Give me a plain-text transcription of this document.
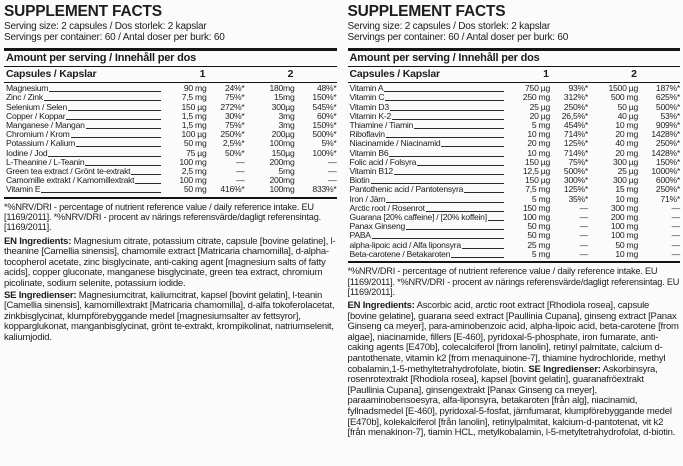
SUPPLEMENT FACTS
Serving size: 2 capsules / Dos storlek: 2 kapslar
Servings per container: 60 / Antal doser per burk: 60
Amount per serving / Innehåll per dos
Capsules / Kapslar	1	2
Magnesium	90 mg	24%*	180mg	48%*
Zinc / Zink	7,5 mg	75%*	15mg	150%*
Selenium / Selen	150 µg	272%*	300µg	545%*
Copper / Koppar	1,5 mg	30%*	3mg	60%*
Manganese / Mangan	1,5 mg	75%*	3mg	150%*
Chromium / Krom	100 µg	250%*	200µg	500%*
Potassium / Kalium	50 mg	2,5%*	100mg	5%*
Iodine / Jod	75 µg	50%*	150µg	100%*
L-Theanine / L-Teanin	100 mg	—	200mg	—
Green tea extract / Grönt te-extrakt	2,5 mg	—	5mg	—
Camomille extrakt / Kamomillextrakt	100 mg	—	200mg	—
Vitamin E	50 mg	416%*	100mg	833%*
*%NRV/DRI - percentage of nutrient reference value / daily reference intake. EU [1169/2011]. *%NRV/DRI - procent av närings referensvärde/dagligt referensintag. [1169/2011].

EN Ingredients: Magnesium citrate, potassium citrate, capsule [bovine gelatine], l-theanine [Camellia sinensis], chamomile extract [Matricaria chamomilla], d-alpha-tocopherol acetate, zinc bisglycinate, anti-caking agent [magnesium salts of fatty acids], copper gluconate, manganese bisglycinate, green tea extract, chromium picolinate, sodium selenite, potassium iodide.

SE Ingredienser: Magnesiumcitrat, kaliumcitrat, kapsel [bovint gelatin], l-teanin [Camellia sinensis], kamomillextrakt [Matricaria chamomilla], d-alfa tokoferolacetat, zinkbisglycinat, klumpförebyggande medel [magnesiumsalter av fettsyror], kopparglukonat, manganbisglycinat, grönt te-extrakt, krompikolinat, natriumselenit, kaliumjodid.

SUPPLEMENT FACTS
Serving size: 2 capsules / Dos storlek: 2 kapslar
Servings per container: 60 / Antal doser per burk: 60
Amount per serving / Innehåll per dos
Capsules / Kapslar	1	2
Vitamin A	750 µg	93%*	1500 µg	187%*
Vitamin C	250 mg	312%*	500 mg	625%*
Vitamin D3	25 µg	250%*	50 µg	500%*
Vitamin K-2	20 µg	26,5%*	40 µg	53%*
Thiamine / Tiamin	5 mg	454%*	10 mg	909%*
Riboflavin	10 mg	714%*	20 mg	1428%*
Niacinamide / Niacinamid	20 mg	125%*	40 mg	250%*
Vitamin B6	10 mg	714%*	20 mg	1428%*
Folic acid / Folsyra	150 µg	75%*	300 µg	150%*
Vitamin B12	12,5 µg	500%*	25 µg	1000%*
Biotin	150 µg	300%*	300 µg	600%*
Pantothenic acid / Pantotensyra	7,5 mg	125%*	15 mg	250%*
Iron / Järn	5 mg	35%*	10 mg	71%*
Arctic root / Rosenrot	150 mg	—	300 mg	—
Guarana [20% caffeine] / [20% koffein]	100 mg	—	200 mg	—
Panax Ginseng	50 mg	—	100 mg	—
PABA	50 mg	—	100 mg	—
alpha-lipoic acid / Alfa liponsyra	25 mg	—	50 mg	—
Beta-carotene / Betakaroten	5 mg	—	10 mg	—
*%NRV/DRI - percentage of nutrient reference value / daily reference intake. EU [1169/2011]. *%NRV/DRI - procent av närings referensvärde/dagligt referensintag. EU [1169/2011].

EN Ingredients: Ascorbic acid, arctic root extract [Rhodiola rosea], capsule [bovine gelatine], guarana seed extract [Paullinia Cupana], ginseng extract [Panax Ginseng ca meyer], para-aminobenzoic acid, alpha-lipoic acid, beta-carotene [from algae], niacinamide, fillers [E-460], pyridoxal-5-phosphate, iron fumarate, anti-caking agents [E470b], colecalciferol [from lanolin], retinyl palmitate, calcium d-pantothenate, vitamin k2 [from menaquinone-7], thiamine hydrochloride, methyl cobalamin,1-5-methyltetrahydrofolate, biotin. SE Ingredienser: Askorbinsyra, rosenrotextrakt [Rhodiola rosea], kapsel [bovint gelatin], guaranafröextrakt [Paullinia Cupana], ginsengextrakt [Panax Ginseng ca meyer], paraaminobensoesyra, alfa-liponsyra, betakaroten [från alg], niacinamid, fyllnadsmedel [E-460], pyridoxal-5-fosfat, järnfumarat, klumpförebyggande medel [E470b], kolekalciferol [från lanolin], retinylpalmitat, kalcium-d-pantotenat, vit k2 [från menakinon-7], tiamin HCL, metylkobalamin, l-5-metyltetrahydrofolat, d-biotin.
